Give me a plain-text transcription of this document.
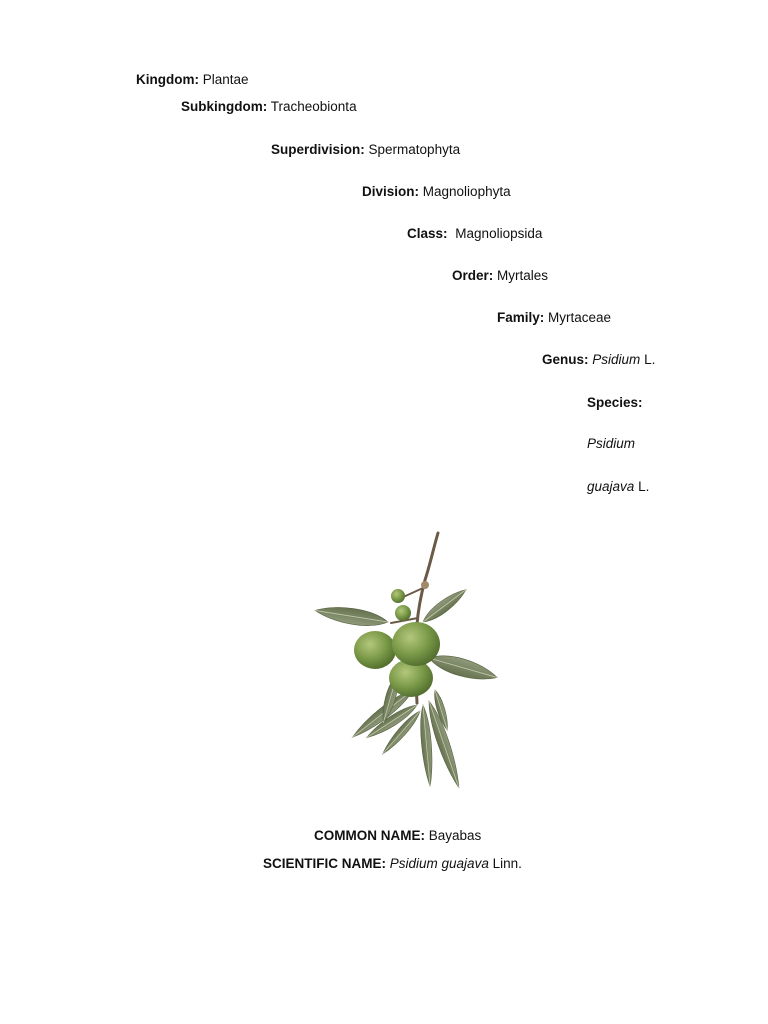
Kingdom: Plantae
Subkingdom: Tracheobionta
Superdivision: Spermatophyta
Division: Magnoliophyta
Class: Magnoliopsida
Order: Myrtales
Family: Myrtaceae
Genus: Psidium L.
Species:
Psidium
guajava L.
COMMON NAME: Bayabas
SCIENTIFIC NAME: Psidium guajava Linn.
